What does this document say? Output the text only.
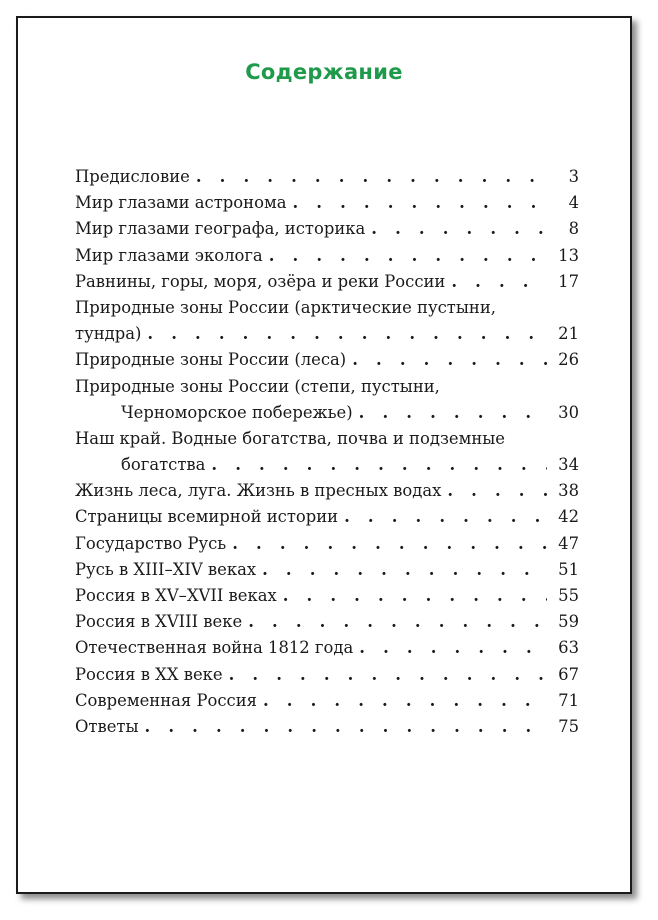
Содержание
Предисловие . . .	3
Мир глазами астронома . . .	4
Мир глазами географа, историка . . .	8
Мир глазами эколога . . .	13
Равнины, горы, моря, озёра и реки России . . .	17
Природные зоны России (арктические пустыни,
тундра) . . .	21
Природные зоны России (леса) . . .	26
Природные зоны России (степи, пустыни,
Черноморское побережье) . . .	30
Наш край. Водные богатства, почва и подземные
богатства . . .	34
Жизнь леса, луга. Жизнь в пресных водах . . .	38
Страницы всемирной истории . . .	42
Государство Русь . . .	47
Русь в XIII–XIV веках . . .	51
Россия в XV–XVII веках . . .	55
Россия в XVIII веке . . .	59
Отечественная война 1812 года . . .	63
Россия в XX веке . . .	67
Современная Россия . . .	71
Ответы . . .	75
